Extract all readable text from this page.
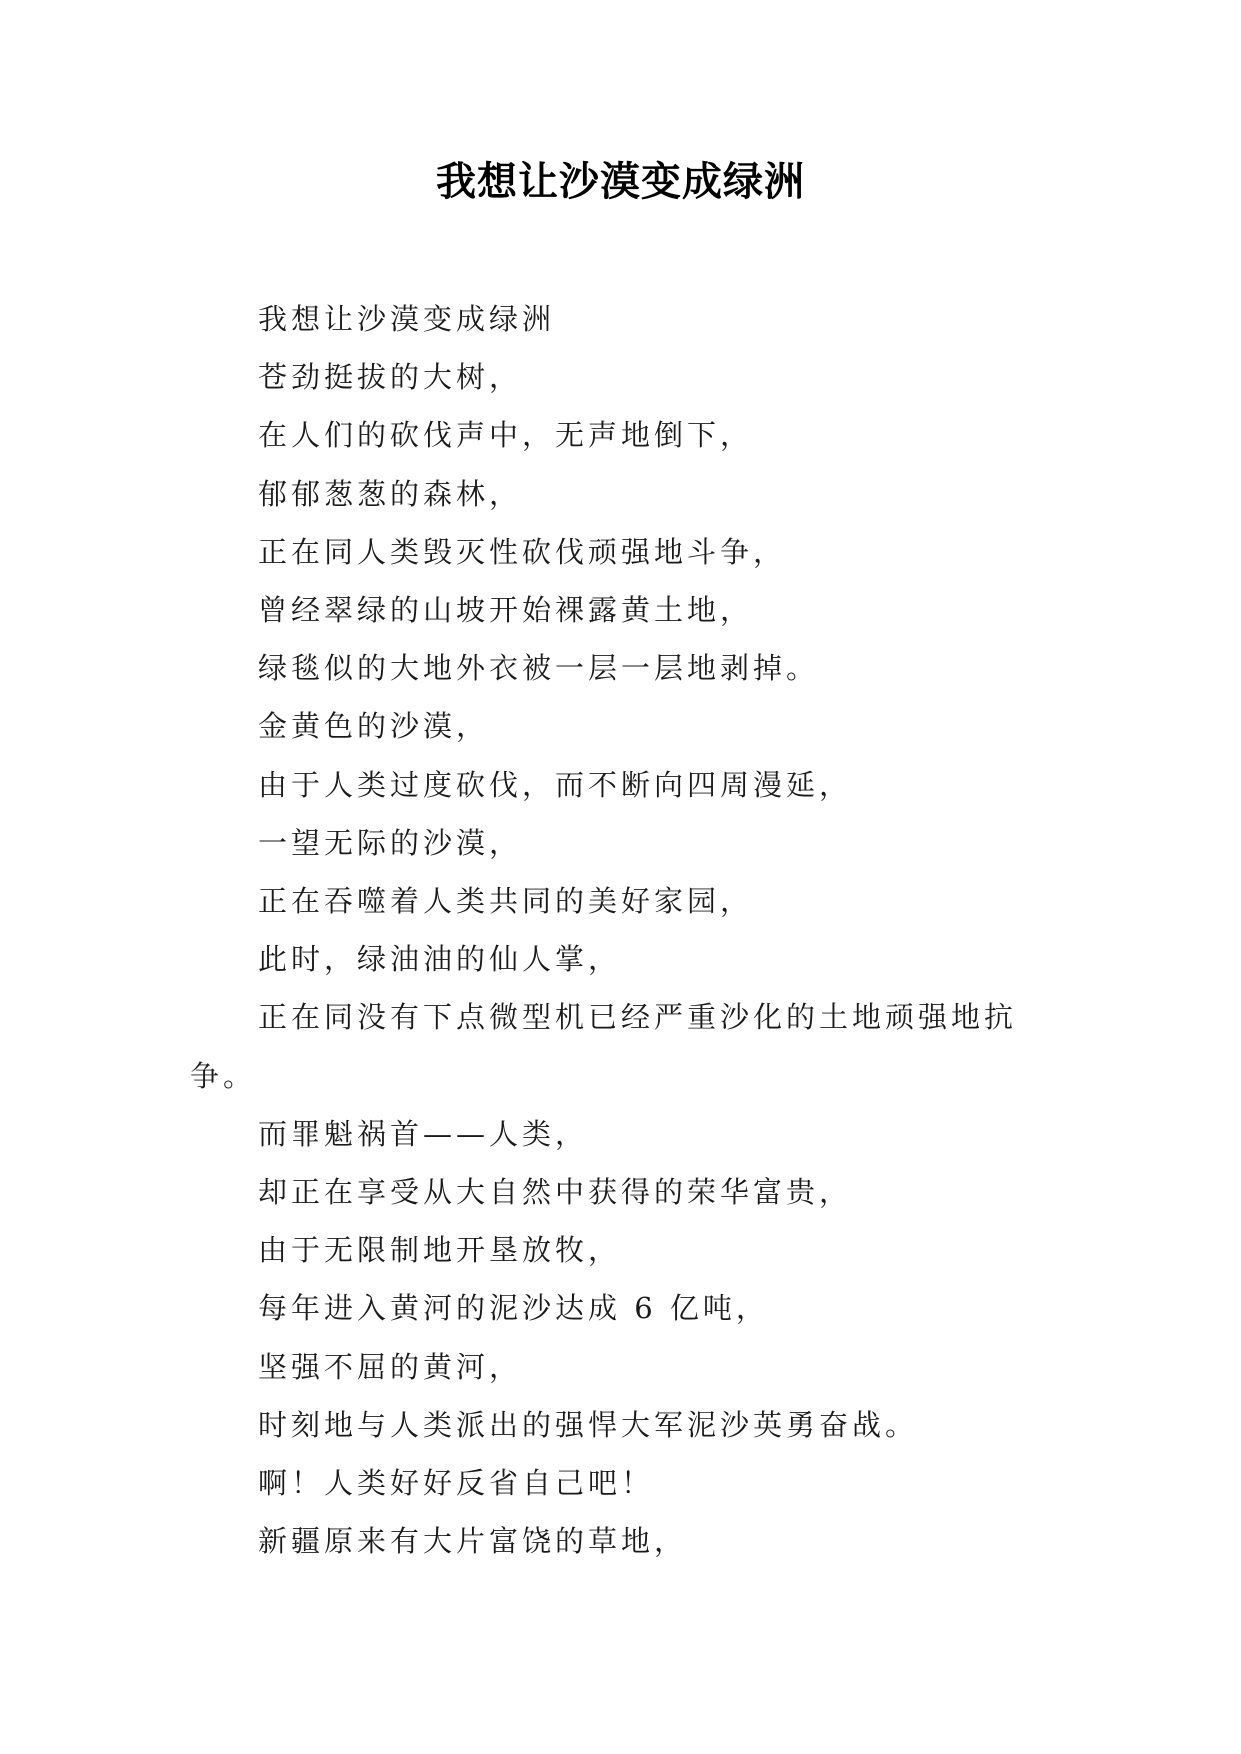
我想让沙漠变成绿洲

我想让沙漠变成绿洲

苍劲挺拔的大树，

在人们的砍伐声中，无声地倒下，

郁郁葱葱的森林，

正在同人类毁灭性砍伐顽强地斗争，

曾经翠绿的山坡开始裸露黄土地，

绿毯似的大地外衣被一层一层地剥掉。

金黄色的沙漠，

由于人类过度砍伐，而不断向四周漫延，

一望无际的沙漠，

正在吞噬着人类共同的美好家园，

此时，绿油油的仙人掌，

正在同没有下点微型机已经严重沙化的土地顽强地抗争。

而罪魁祸首——人类，

却正在享受从大自然中获得的荣华富贵，

由于无限制地开垦放牧，

每年进入黄河的泥沙达成 6 亿吨，

坚强不屈的黄河，

时刻地与人类派出的强悍大军泥沙英勇奋战。

啊！人类好好反省自己吧！

新疆原来有大片富饶的草地，
